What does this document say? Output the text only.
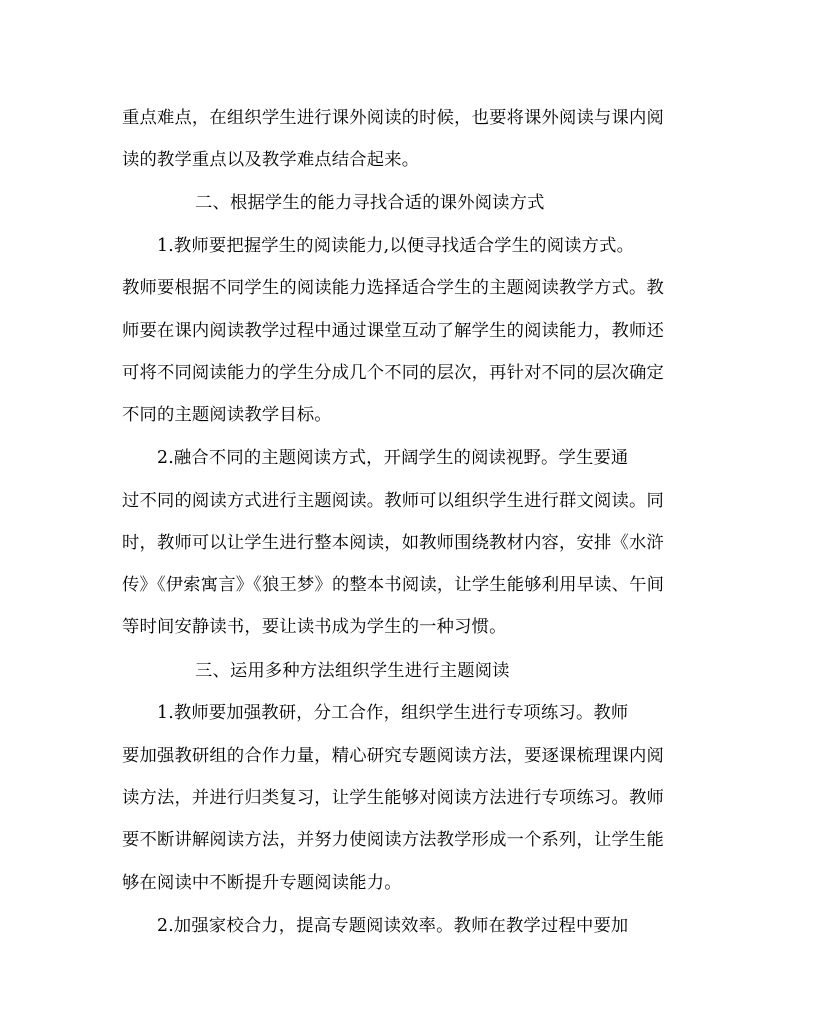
重点难点，在组织学生进行课外阅读的时候，也要将课外阅读与课内阅
读的教学重点以及教学难点结合起来。
二、根据学生的能力寻找合适的课外阅读方式
1.教师要把握学生的阅读能力,以便寻找适合学生的阅读方式。
教师要根据不同学生的阅读能力选择适合学生的主题阅读教学方式。教
师要在课内阅读教学过程中通过课堂互动了解学生的阅读能力，教师还
可将不同阅读能力的学生分成几个不同的层次，再针对不同的层次确定
不同的主题阅读教学目标。
2.融合不同的主题阅读方式，开阔学生的阅读视野。学生要通
过不同的阅读方式进行主题阅读。教师可以组织学生进行群文阅读。同
时，教师可以让学生进行整本阅读，如教师围绕教材内容，安排《水浒
传》《伊索寓言》《狼王梦》的整本书阅读，让学生能够利用早读、午间
等时间安静读书，要让读书成为学生的一种习惯。
三、运用多种方法组织学生进行主题阅读
1.教师要加强教研，分工合作，组织学生进行专项练习。教师
要加强教研组的合作力量，精心研究专题阅读方法，要逐课梳理课内阅
读方法，并进行归类复习，让学生能够对阅读方法进行专项练习。教师
要不断讲解阅读方法，并努力使阅读方法教学形成一个系列，让学生能
够在阅读中不断提升专题阅读能力。
2.加强家校合力，提高专题阅读效率。教师在教学过程中要加
